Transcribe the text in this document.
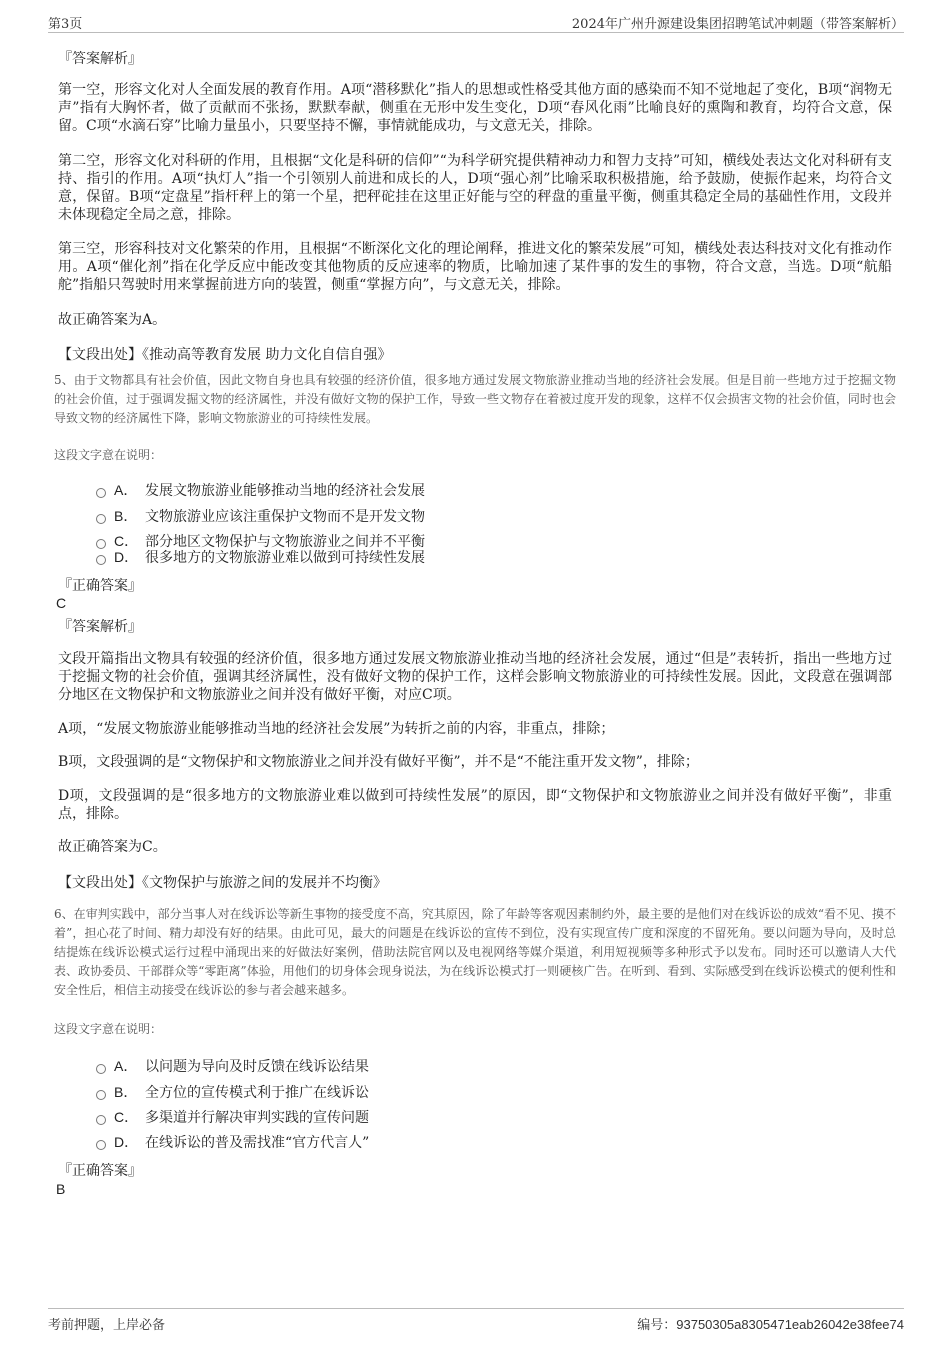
第3页	2024年广州升源建设集团招聘笔试冲刺题（带答案解析）
『答案解析』
第一空，形容文化对人全面发展的教育作用。A项“潜移默化”指人的思想或性格受其他方面的感染而不知不觉地起了变化，B项“润物无声”指有大胸怀者，做了贡献而不张扬，默默奉献，侧重在无形中发生变化，D项“春风化雨”比喻良好的熏陶和教育，均符合文意，保留。C项“水滴石穿”比喻力量虽小，只要坚持不懈，事情就能成功，与文意无关，排除。
第二空，形容文化对科研的作用，且根据“文化是科研的信仰”“为科学研究提供精神动力和智力支持”可知，横线处表达文化对科研有支持、指引的作用。A项“执灯人”指一个引领别人前进和成长的人，D项“强心剂”比喻采取积极措施，给予鼓励，使振作起来，均符合文意，保留。B项“定盘星”指杆秤上的第一个星，把秤砣挂在这里正好能与空的秤盘的重量平衡，侧重其稳定全局的基础性作用，文段并未体现稳定全局之意，排除。
第三空，形容科技对文化繁荣的作用，且根据“不断深化文化的理论阐释，推进文化的繁荣发展”可知，横线处表达科技对文化有推动作用。A项“催化剂”指在化学反应中能改变其他物质的反应速率的物质，比喻加速了某件事的发生的事物，符合文意，当选。D项“航船舵”指船只驾驶时用来掌握前进方向的装置，侧重“掌握方向”，与文意无关，排除。
故正确答案为A。
【文段出处】《推动高等教育发展 助力文化自信自强》
5、由于文物都具有社会价值，因此文物自身也具有较强的经济价值，很多地方通过发展文物旅游业推动当地的经济社会发展。但是目前一些地方过于挖掘文物的社会价值，过于强调发掘文物的经济属性，并没有做好文物的保护工作，导致一些文物存在着被过度开发的现象，这样不仅会损害文物的社会价值，同时也会导致文物的经济属性下降，影响文物旅游业的可持续性发展。
这段文字意在说明：
A． 发展文物旅游业能够推动当地的经济社会发展
B． 文物旅游业应该注重保护文物而不是开发文物
C． 部分地区文物保护与文物旅游业之间并不平衡
D． 很多地方的文物旅游业难以做到可持续性发展
『正确答案』
C
『答案解析』
文段开篇指出文物具有较强的经济价值，很多地方通过发展文物旅游业推动当地的经济社会发展，通过“但是”表转折，指出一些地方过于挖掘文物的社会价值，强调其经济属性，没有做好文物的保护工作，这样会影响文物旅游业的可持续性发展。因此，文段意在强调部分地区在文物保护和文物旅游业之间并没有做好平衡，对应C项。
A项，“发展文物旅游业能够推动当地的经济社会发展”为转折之前的内容，非重点，排除；
B项，文段强调的是“文物保护和文物旅游业之间并没有做好平衡”，并不是“不能注重开发文物”，排除；
D项，文段强调的是“很多地方的文物旅游业难以做到可持续性发展”的原因，即“文物保护和文物旅游业之间并没有做好平衡”，非重点，排除。
故正确答案为C。
【文段出处】《文物保护与旅游之间的发展并不均衡》
6、在审判实践中，部分当事人对在线诉讼等新生事物的接受度不高，究其原因，除了年龄等客观因素制约外，最主要的是他们对在线诉讼的成效“看不见、摸不着”，担心花了时间、精力却没有好的结果。由此可见，最大的问题是在线诉讼的宣传不到位，没有实现宣传广度和深度的不留死角。要以问题为导向，及时总结提炼在线诉讼模式运行过程中涌现出来的好做法好案例，借助法院官网以及电视网络等媒介渠道，利用短视频等多种形式予以发布。同时还可以邀请人大代表、政协委员、干部群众等“零距离”体验，用他们的切身体会现身说法，为在线诉讼模式打一则硬核广告。在听到、看到、实际感受到在线诉讼模式的便利性和安全性后，相信主动接受在线诉讼的参与者会越来越多。
这段文字意在说明：
A． 以问题为导向及时反馈在线诉讼结果
B． 全方位的宣传模式利于推广在线诉讼
C． 多渠道并行解决审判实践的宣传问题
D． 在线诉讼的普及需找准“官方代言人”
『正确答案』
B
考前押题，上岸必备	编号：93750305a8305471eab26042e38fee74
